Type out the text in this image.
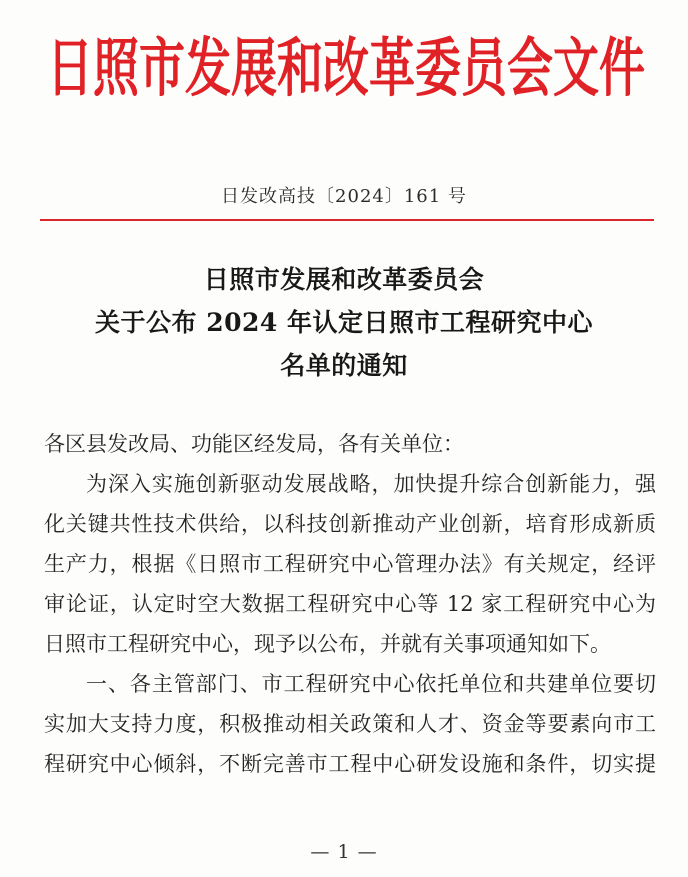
日照市发展和改革委员会文件
日发改高技〔2024〕161 号
日照市发展和改革委员会
关于公布 2024 年认定日照市工程研究中心
名单的通知
各区县发改局、功能区经发局，各有关单位：
为深入实施创新驱动发展战略，加快提升综合创新能力，强
化关键共性技术供给，以科技创新推动产业创新，培育形成新质
生产力，根据《日照市工程研究中心管理办法》有关规定，经评
审论证，认定时空大数据工程研究中心等 12 家工程研究中心为
日照市工程研究中心，现予以公布，并就有关事项通知如下。
一、各主管部门、市工程研究中心依托单位和共建单位要切
实加大支持力度，积极推动相关政策和人才、资金等要素向市工
程研究中心倾斜，不断完善市工程中心研发设施和条件，切实提
— 1 —
